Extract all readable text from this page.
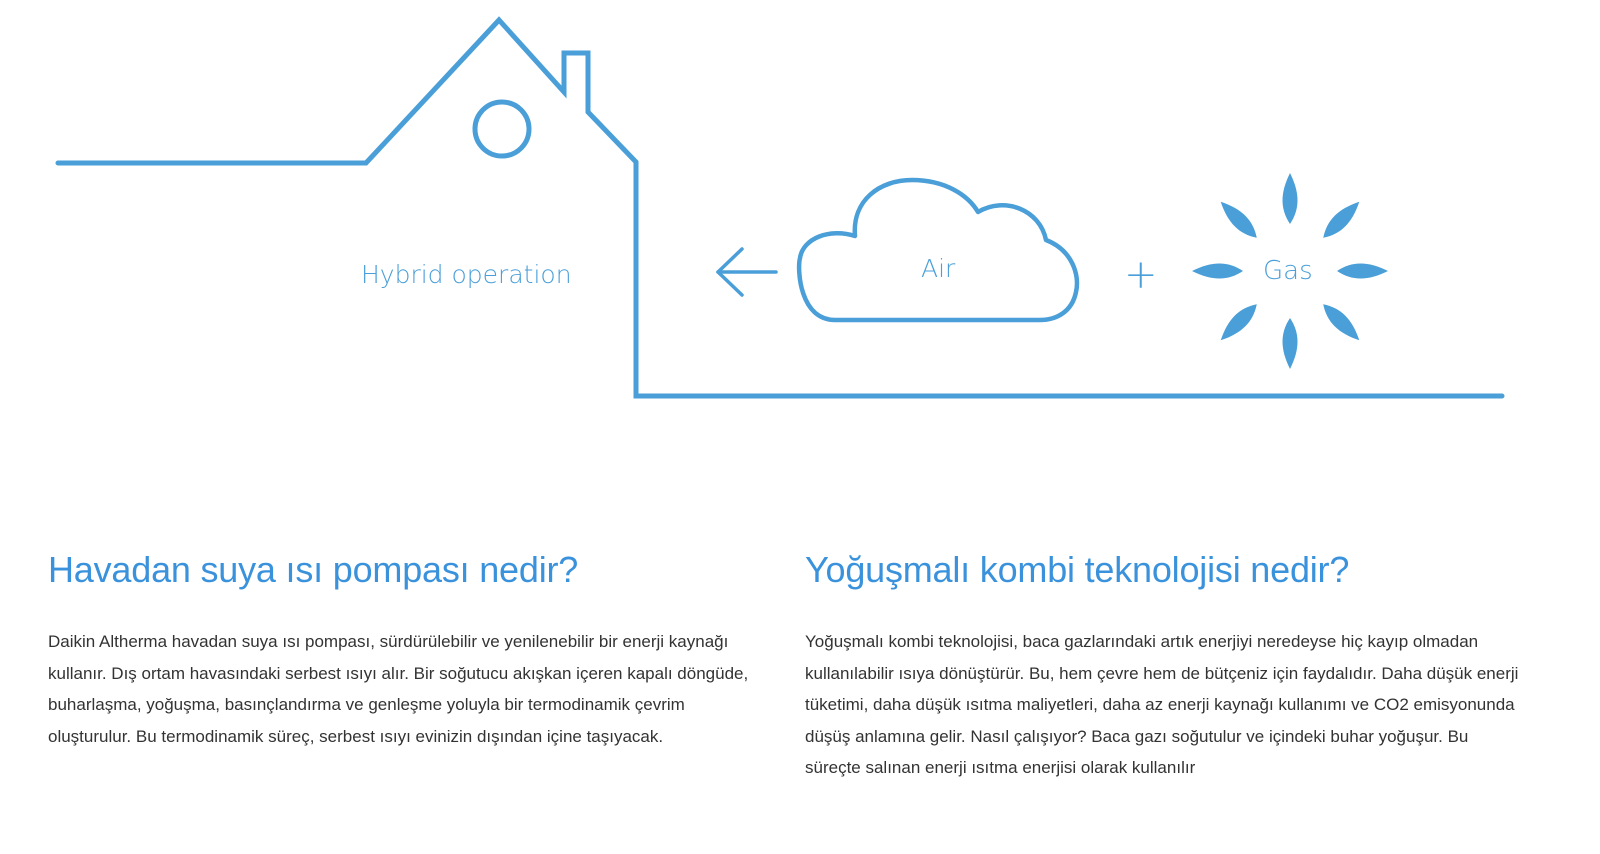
Hybrid operation	Air	+	Gas
Havadan suya ısı pompası nedir?

Daikin Altherma havadan suya ısı pompası, sürdürülebilir ve yenilenebilir bir enerji kaynağı kullanır. Dış ortam havasındaki serbest ısıyı alır. Bir soğutucu akışkan içeren kapalı döngüde, buharlaşma, yoğuşma, basınçlandırma ve genleşme yoluyla bir termodinamik çevrim oluşturulur. Bu termodinamik süreç, serbest ısıyı evinizin dışından içine taşıyacak.

Yoğuşmalı kombi teknolojisi nedir?

Yoğuşmalı kombi teknolojisi, baca gazlarındaki artık enerjiyi neredeyse hiç kayıp olmadan kullanılabilir ısıya dönüştürür. Bu, hem çevre hem de bütçeniz için faydalıdır. Daha düşük enerji tüketimi, daha düşük ısıtma maliyetleri, daha az enerji kaynağı kullanımı ve CO2 emisyonunda düşüş anlamına gelir. Nasıl çalışıyor? Baca gazı soğutulur ve içindeki buhar yoğuşur. Bu süreçte salınan enerji ısıtma enerjisi olarak kullanılır
